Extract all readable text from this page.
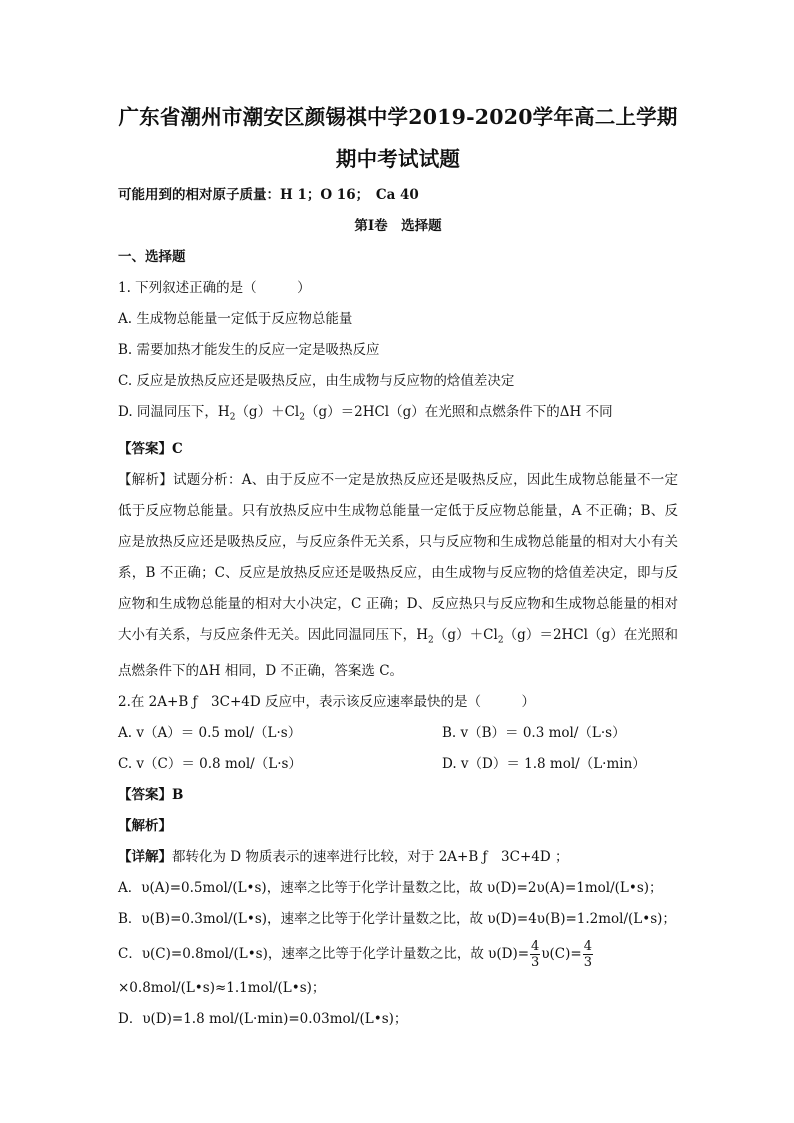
广东省潮州市潮安区颜锡祺中学2019-2020学年高二上学期

期中考试试题

可能用到的相对原子质量：H 1；O 16；　Ca 40

第Ⅰ卷　选择题

一、选择题

1. 下列叙述正确的是（　　　）

A. 生成物总能量一定低于反应物总能量

B. 需要加热才能发生的反应一定是吸热反应

C. 反应是放热反应还是吸热反应，由生成物与反应物的焓值差决定

D. 同温同压下，$H_2(g)+Cl_2(g)=2HCl(g)$在光照和点燃条件下的ΔH 不同

【答案】C

【解析】试题分析：A、由于反应不一定是放热反应还是吸热反应，因此生成物总能量不一定低于反应物总能量。只有放热反应中生成物总能量一定低于反应物总能量，A 不正确；B、反应是放热反应还是吸热反应，与反应条件无关系，只与反应物和生成物总能量的相对大小有关系，B 不正确；C、反应是放热反应还是吸热反应，由生成物与反应物的焓值差决定，即与反应物和生成物总能量的相对大小决定，C 正确；D、反应热只与反应物和生成物总能量的相对大小有关系，与反应条件无关。因此同温同压下，$H_2(g)+Cl_2(g)=2HCl(g)$在光照和点燃条件下的ΔH 相同，D 不正确，答案选 C。

2.在 2A+B ƒ　3C+4D 反应中，表示该反应速率最快的是（　　　）

A. v（A）＝ 0.5 mol/（L·s）	B. v（B）＝ 0.3 mol/（L·s）
C. v（C）＝ 0.8 mol/（L·s）	D. v（D）＝ 1.8 mol/（L·min）

【答案】B

【解析】

【详解】都转化为 D 物质表示的速率进行比较，对于 2A+B ƒ　3C+4D ；

A．υ(A)=0.5mol/(L•s)，速率之比等于化学计量数之比，故 υ(D)=2υ(A)=1mol/(L•s)；

B．υ(B)=0.3mol/(L•s)，速率之比等于化学计量数之比，故 υ(D)=4υ(B)=1.2mol/(L•s)；

C．υ(C)=0.8mol/(L•s)，速率之比等于化学计量数之比，故 $\upsilon(D)= \frac{4}{3} \upsilon(C)= \frac{4}{3}$

×0.8mol/(L•s)≈1.1mol/(L•s)；

D．υ(D)=1.8 mol/(L·min)=0.03mol/(L•s)；
